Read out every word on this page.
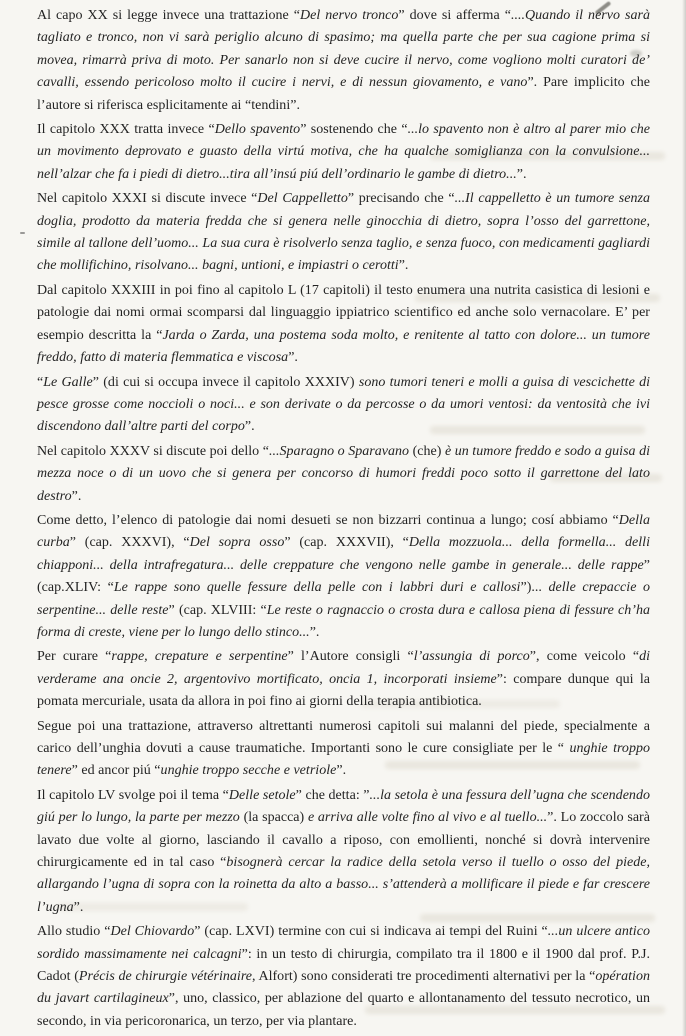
Al capo XX si legge invece una trattazione “Del nervo tronco” dove si afferma “....Quando il nervo sarà tagliato e tronco, non vi sarà periglio alcuno di spasimo; ma quella parte che per sua cagione prima si movea, rimarrà priva di moto. Per sanarlo non si deve cucire il nervo, come vogliono molti curatori de’ cavalli, essendo pericoloso molto il cucire i nervi, e di nessun giovamento, e vano”. Pare implicito che l’autore si riferisca esplicitamente ai “tendini”.

Il capitolo XXX tratta invece “Dello spavento” sostenendo che “...lo spavento non è altro al parer mio che un movimento deprovato e guasto della virtú motiva, che ha qualche somiglianza con la convulsione... nell’alzar che fa i piedi di dietro...tira all’insú piú dell’ordinario le gambe di dietro...”.

Nel capitolo XXXI si discute invece “Del Cappelletto” precisando che “...Il cappelletto è un tumore senza doglia, prodotto da materia fredda che si genera nelle ginocchia di dietro, sopra l’osso del garrettone, simile al tallone dell’uomo... La sua cura è risolverlo senza taglio, e senza fuoco, con medicamenti gagliardi che mollifichino, risolvano... bagni, untioni, e impiastri o cerotti”.

Dal capitolo XXXIII in poi fino al capitolo L (17 capitoli) il testo enumera una nutrita casistica di lesioni e patologie dai nomi ormai scomparsi dal linguaggio ippiatrico scientifico ed anche solo vernacolare. E’ per esempio descritta la “Jarda o Zarda, una postema soda molto, e renitente al tatto con dolore... un tumore freddo, fatto di materia flemmatica e viscosa”.

“Le Galle” (di cui si occupa invece il capitolo XXXIV) sono tumori teneri e molli a guisa di vescichette di pesce grosse come noccioli o noci... e son derivate o da percosse o da umori ventosi: da ventosità che ivi discendono dall’altre parti del corpo”.

Nel capitolo XXXV si discute poi dello “...Sparagno o Sparavano (che) è un tumore freddo e sodo a guisa di mezza noce o di un uovo che si genera per concorso di humori freddi poco sotto il garrettone del lato destro”.

Come detto, l’elenco di patologie dai nomi desueti se non bizzarri continua a lungo; cosí abbiamo “Della curba” (cap. XXXVI), “Del sopra osso” (cap. XXXVII), “Della mozzuola... della formella... delli chiapponi... della intrafregatura... delle creppature che vengono nelle gambe in generale... delle rappe” (cap.XLIV: “Le rappe sono quelle fessure della pelle con i labbri duri e callosi”)... delle crepaccie o serpentine... delle reste” (cap. XLVIII: “Le reste o ragnaccio o crosta dura e callosa piena di fessure ch’ha forma di creste, viene per lo lungo dello stinco...”.

Per curare “rappe, crepature e serpentine” l’Autore consigli “l’assungia di porco”, come veicolo “di verderame ana oncie 2, argentovivo mortificato, oncia 1, incorporati insieme”: compare dunque qui la pomata mercuriale, usata da allora in poi fino ai giorni della terapia antibiotica.

Segue poi una trattazione, attraverso altrettanti numerosi capitoli sui malanni del piede, specialmente a carico dell’unghia dovuti a cause traumatiche. Importanti sono le cure consigliate per le “ unghie troppo tenere” ed ancor piú “unghie troppo secche e vetriole”.

Il capitolo LV svolge poi il tema “Delle setole” che detta: ”...la setola è una fessura dell’ugna che scendendo giú per lo lungo, la parte per mezzo (la spacca) e arriva alle volte fino al vivo e al tuello...”. Lo zoccolo sarà lavato due volte al giorno, lasciando il cavallo a riposo, con emollienti, nonché si dovrà intervenire chirurgicamente ed in tal caso “bisognerà cercar la radice della setola verso il tuello o osso del piede, allargando l’ugna di sopra con la roinetta da alto a basso... s’attenderà a mollificare il piede e far crescere l’ugna”.

Allo studio “Del Chiovardo” (cap. LXVI) termine con cui si indicava ai tempi del Ruini “...un ulcere antico sordido massimamente nei calcagni”: in un testo di chirurgia, compilato tra il 1800 e il 1900 dal prof. P.J. Cadot (Précis de chirurgie vétérinaire, Alfort) sono considerati tre procedimenti alternativi per la “opération du javart cartilagineux”, uno, classico, per ablazione del quarto e allontanamento del tessuto necrotico, un secondo, in via pericoronarica, un terzo, per via plantare.
